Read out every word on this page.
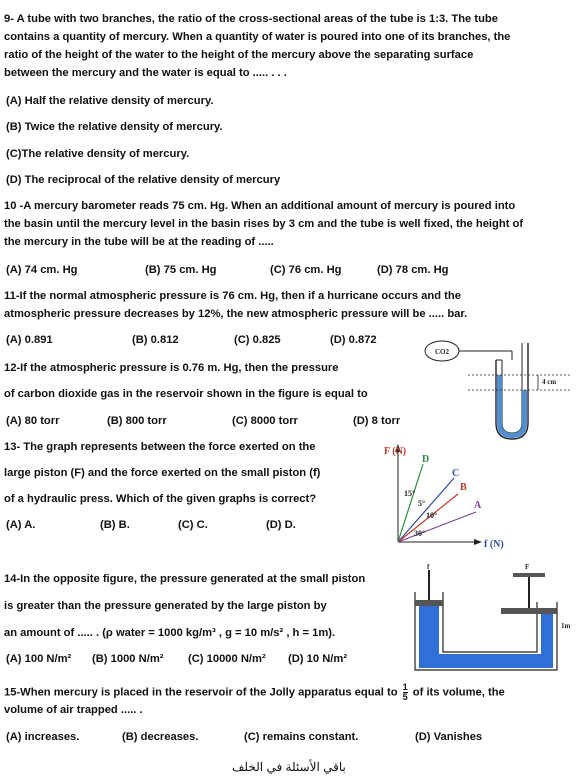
9- A tube with two branches, the ratio of the cross-sectional areas of the tube is 1:3. The tube
contains a quantity of mercury. When a quantity of water is poured into one of its branches, the
ratio of the height of the water to the height of the mercury above the separating surface
between the mercury and the water is equal to ..... . . .
(A) Half the relative density of mercury.
(B) Twice the relative density of mercury.
(C)The relative density of mercury.
(D) The reciprocal of the relative density of mercury
10 -A mercury barometer reads 75 cm. Hg. When an additional amount of mercury is poured into
the basin until the mercury level in the basin rises by 3 cm and the tube is well fixed, the height of
the mercury in the tube will be at the reading of .....
(A) 74 cm. Hg	(B) 75 cm. Hg	(C) 76 cm. Hg	(D) 78 cm. Hg
11-If the normal atmospheric pressure is 76 cm. Hg, then if a hurricane occurs and the
atmospheric pressure decreases by 12%, the new atmospheric pressure will be ..... bar.
(A) 0.891	(B) 0.812	(C) 0.825	(D) 0.872
12-If the atmospheric pressure is 0.76 m. Hg, then the pressure
of carbon dioxide gas in the reservoir shown in the figure is equal to
(A) 80 torr	(B) 800 torr	(C) 8000 torr	(D) 8 torr
CO2
4 cm
13- The graph represents between the force exerted on the
large piston (F) and the force exerted on the small piston (f)
of a hydraulic press. Which of the given graphs is correct?
(A) A.	(B) B.	(C) C.	(D) D.
F (N)
f (N)
D
C
B
A
15°
5°
10°
30°
14-In the opposite figure, the pressure generated at the small piston
is greater than the pressure generated by the large piston by
an amount of ..... . (ρ water = 1000 kg/m³ , g = 10 m/s² , h = 1m).
(A) 100 N/m² (B) 1000 N/m² (C) 10000 N/m² (D) 10 N/m²
f	F
1m
15-When mercury is placed in the reservoir of the Jolly apparatus equal to $\frac{1}{5}$ of its volume, the
volume of air trapped ..... .
(A) increases.	(B) decreases.	(C) remains constant.	(D) Vanishes
باقي الأسئلة في الخلف
